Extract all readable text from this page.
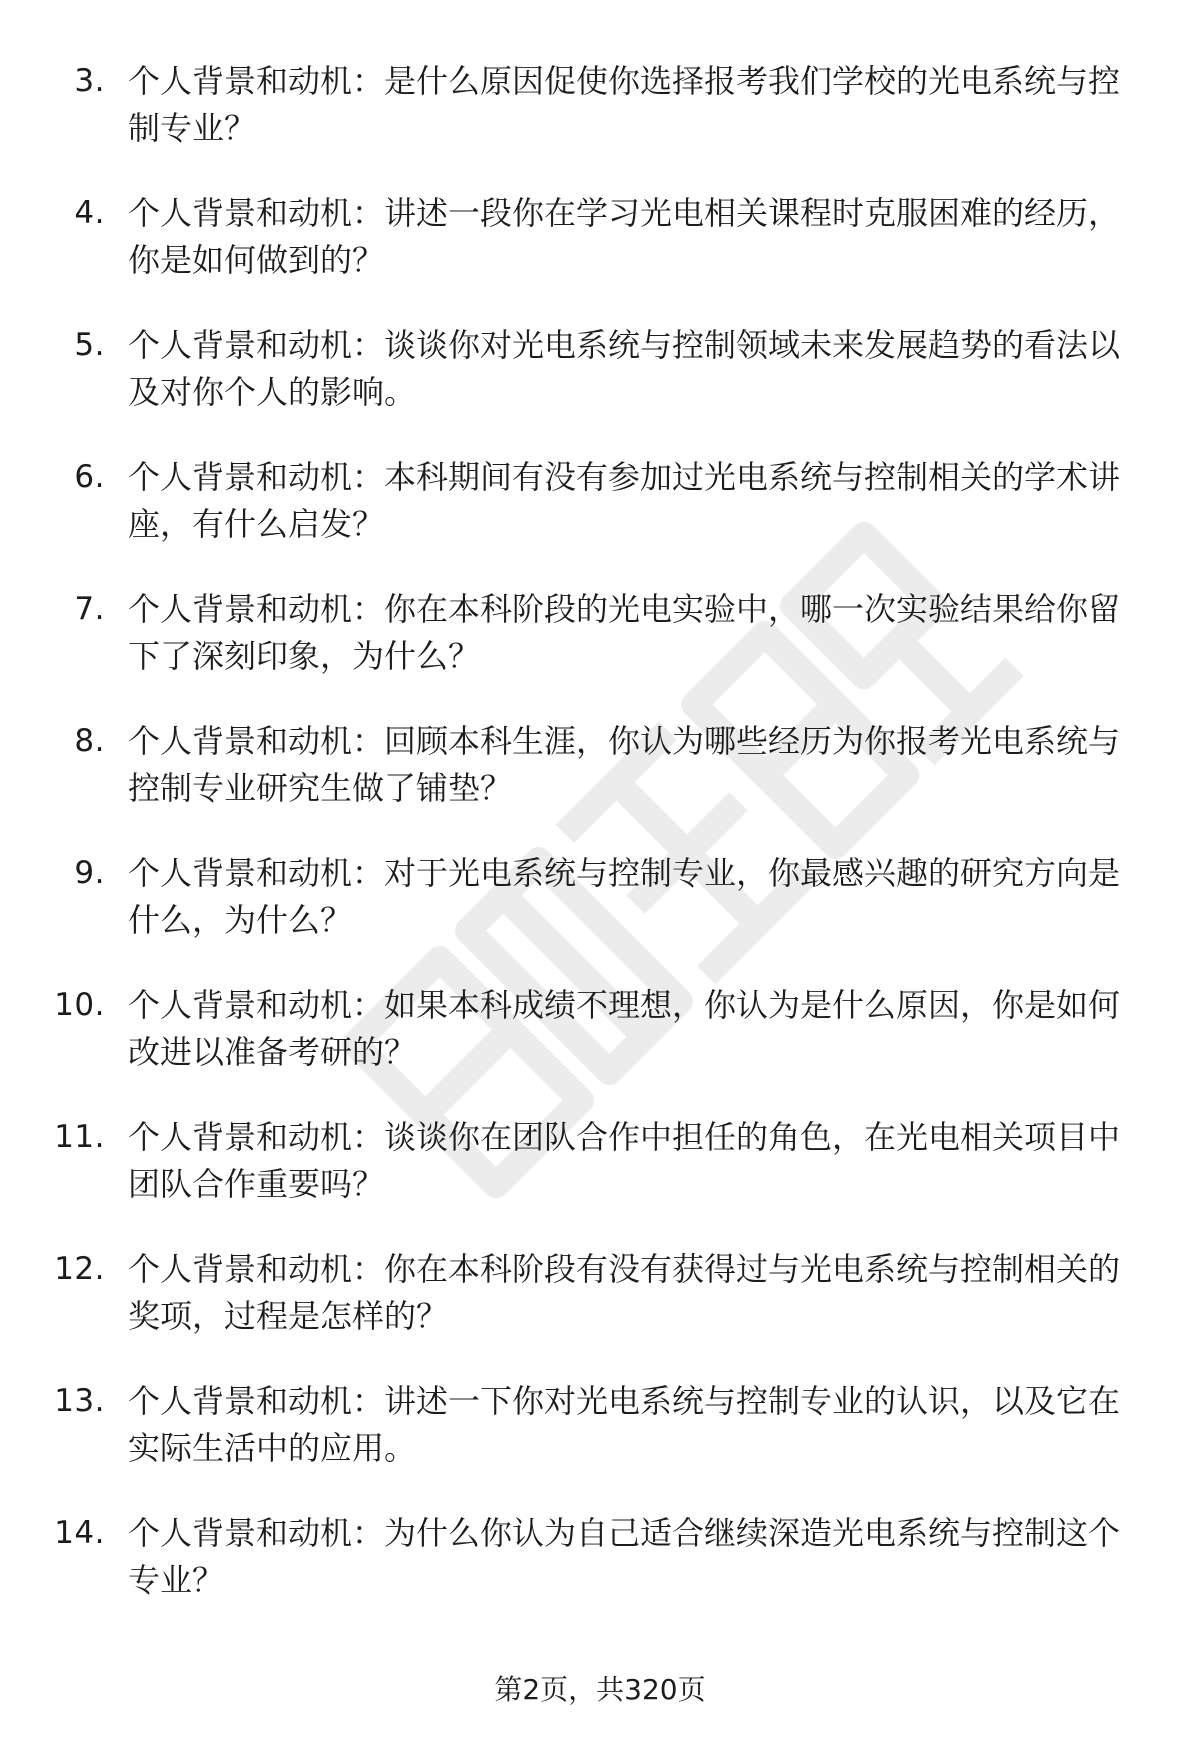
3. 个人背景和动机：是什么原因促使你选择报考我们学校的光电系统与控制专业？
4. 个人背景和动机：讲述一段你在学习光电相关课程时克服困难的经历，你是如何做到的？
5. 个人背景和动机：谈谈你对光电系统与控制领域未来发展趋势的看法以及对你个人的影响。
6. 个人背景和动机：本科期间有没有参加过光电系统与控制相关的学术讲座，有什么启发？
7. 个人背景和动机：你在本科阶段的光电实验中，哪一次实验结果给你留下了深刻印象，为什么？
8. 个人背景和动机：回顾本科生涯，你认为哪些经历为你报考光电系统与控制专业研究生做了铺垫？
9. 个人背景和动机：对于光电系统与控制专业，你最感兴趣的研究方向是什么，为什么？
10. 个人背景和动机：如果本科成绩不理想，你认为是什么原因，你是如何改进以准备考研的？
11. 个人背景和动机：谈谈你在团队合作中担任的角色，在光电相关项目中团队合作重要吗？
12. 个人背景和动机：你在本科阶段有没有获得过与光电系统与控制相关的奖项，过程是怎样的？
13. 个人背景和动机：讲述一下你对光电系统与控制专业的认识，以及它在实际生活中的应用。
14. 个人背景和动机：为什么你认为自己适合继续深造光电系统与控制这个专业？
第2页，共320页
